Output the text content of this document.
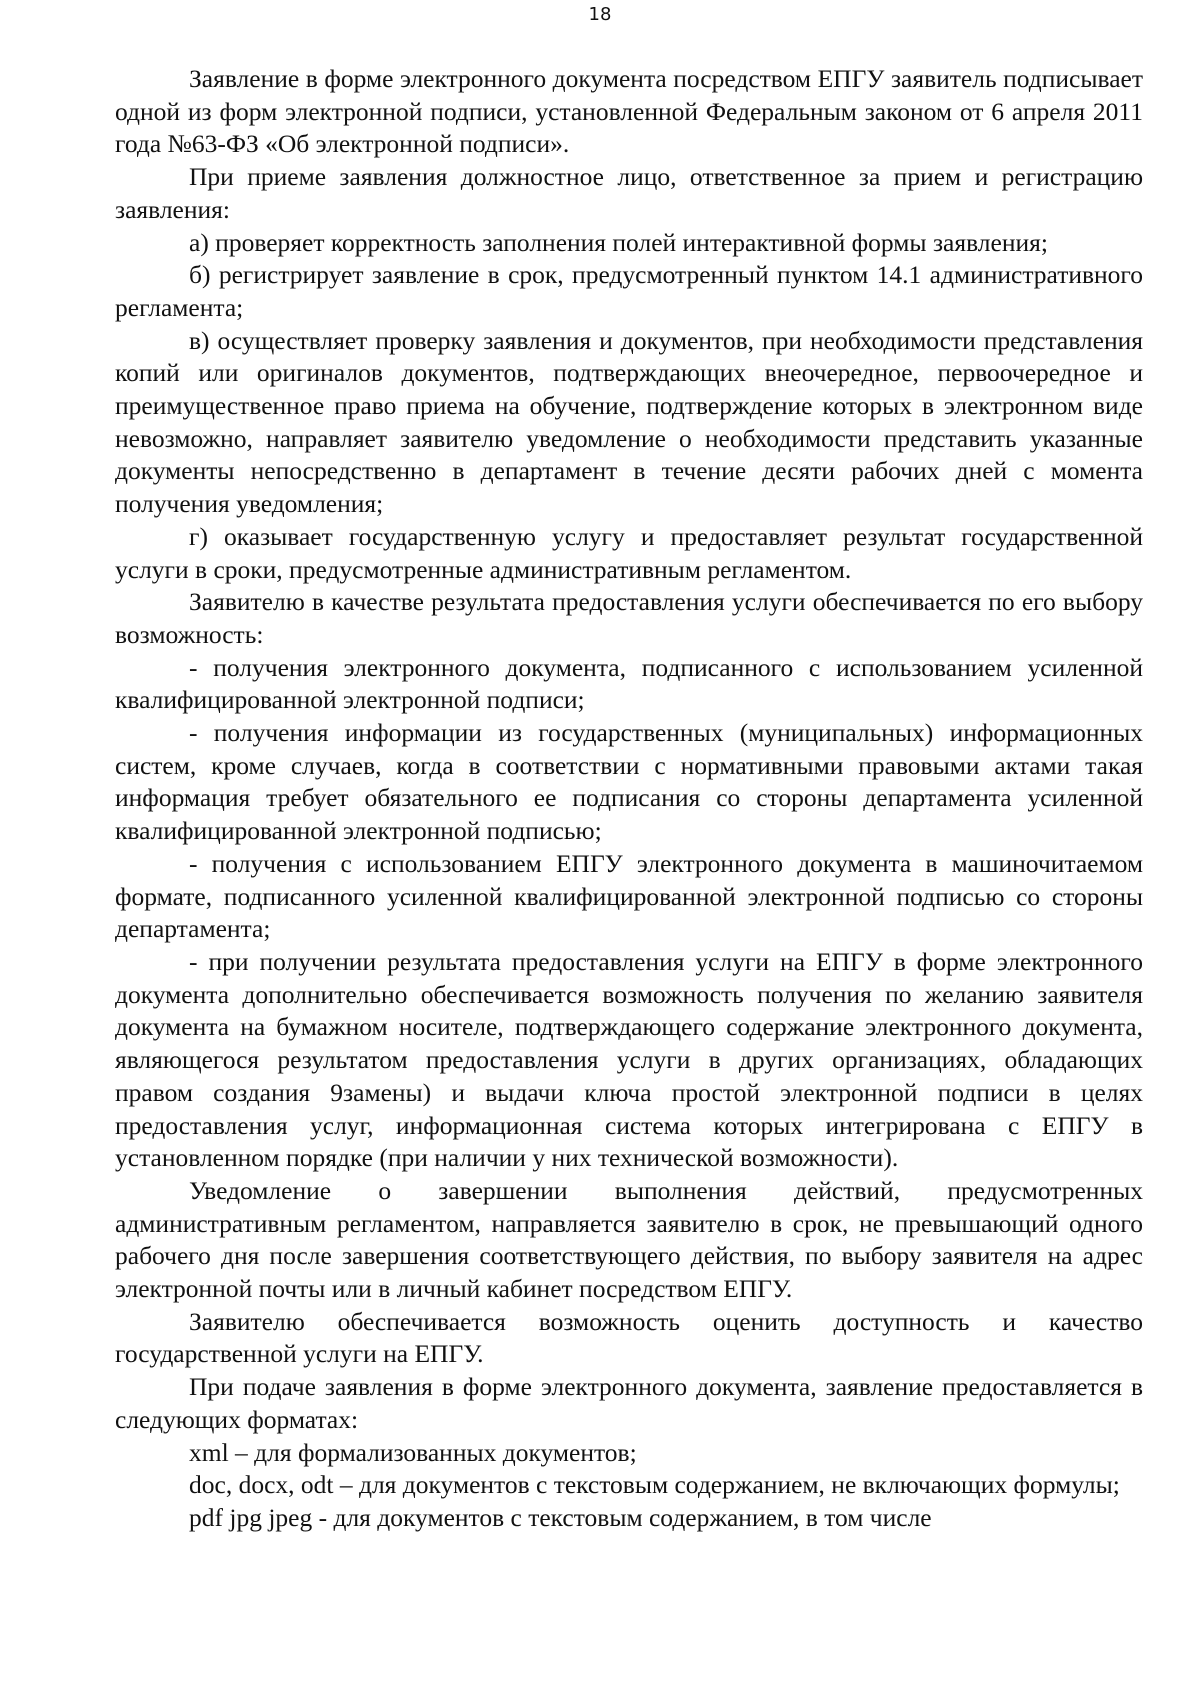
18

Заявление в форме электронного документа посредством ЕПГУ заявитель подписывает одной из форм электронной подписи, установленной Федеральным законом от 6 апреля 2011 года №63-ФЗ «Об электронной подписи».

При приеме заявления должностное лицо, ответственное за прием и регистрацию заявления:

а) проверяет корректность заполнения полей интерактивной формы заявления;

б) регистрирует заявление в срок, предусмотренный пунктом 14.1 административного регламента;

в) осуществляет проверку заявления и документов, при необходимости представления копий или оригиналов документов, подтверждающих внеочередное, первоочередное и преимущественное право приема на обучение, подтверждение которых в электронном виде невозможно, направляет заявителю уведомление о необходимости представить указанные документы непосредственно в департамент в течение десяти рабочих дней с момента получения уведомления;

г) оказывает государственную услугу и предоставляет результат государственной услуги в сроки, предусмотренные административным регламентом.

Заявителю в качестве результата предоставления услуги обеспечивается по его выбору возможность:

- получения электронного документа, подписанного с использованием усиленной квалифицированной электронной подписи;

- получения информации из государственных (муниципальных) информационных систем, кроме случаев, когда в соответствии с нормативными правовыми актами такая информация требует обязательного ее подписания со стороны департамента усиленной квалифицированной электронной подписью;

- получения с использованием ЕПГУ электронного документа в машиночитаемом формате, подписанного усиленной квалифицированной электронной подписью со стороны департамента;

- при получении результата предоставления услуги на ЕПГУ в форме электронного документа дополнительно обеспечивается возможность получения по желанию заявителя документа на бумажном носителе, подтверждающего содержание электронного документа, являющегося результатом предоставления услуги в других организациях, обладающих правом создания 9замены) и выдачи ключа простой электронной подписи в целях предоставления услуг, информационная система которых интегрирована с ЕПГУ в установленном порядке (при наличии у них технической возможности).

Уведомление о завершении выполнения действий, предусмотренных административным регламентом, направляется заявителю в срок, не превышающий одного рабочего дня после завершения соответствующего действия, по выбору заявителя на адрес электронной почты или в личный кабинет посредством ЕПГУ.

Заявителю обеспечивается возможность оценить доступность и качество государственной услуги на ЕПГУ.

При подаче заявления в форме электронного документа, заявление предоставляется в следующих форматах:

xml – для формализованных документов;

doc, docx, odt – для документов с текстовым содержанием, не включающих формулы;

pdf jpg jpeg - для документов с текстовым содержанием, в том числе
